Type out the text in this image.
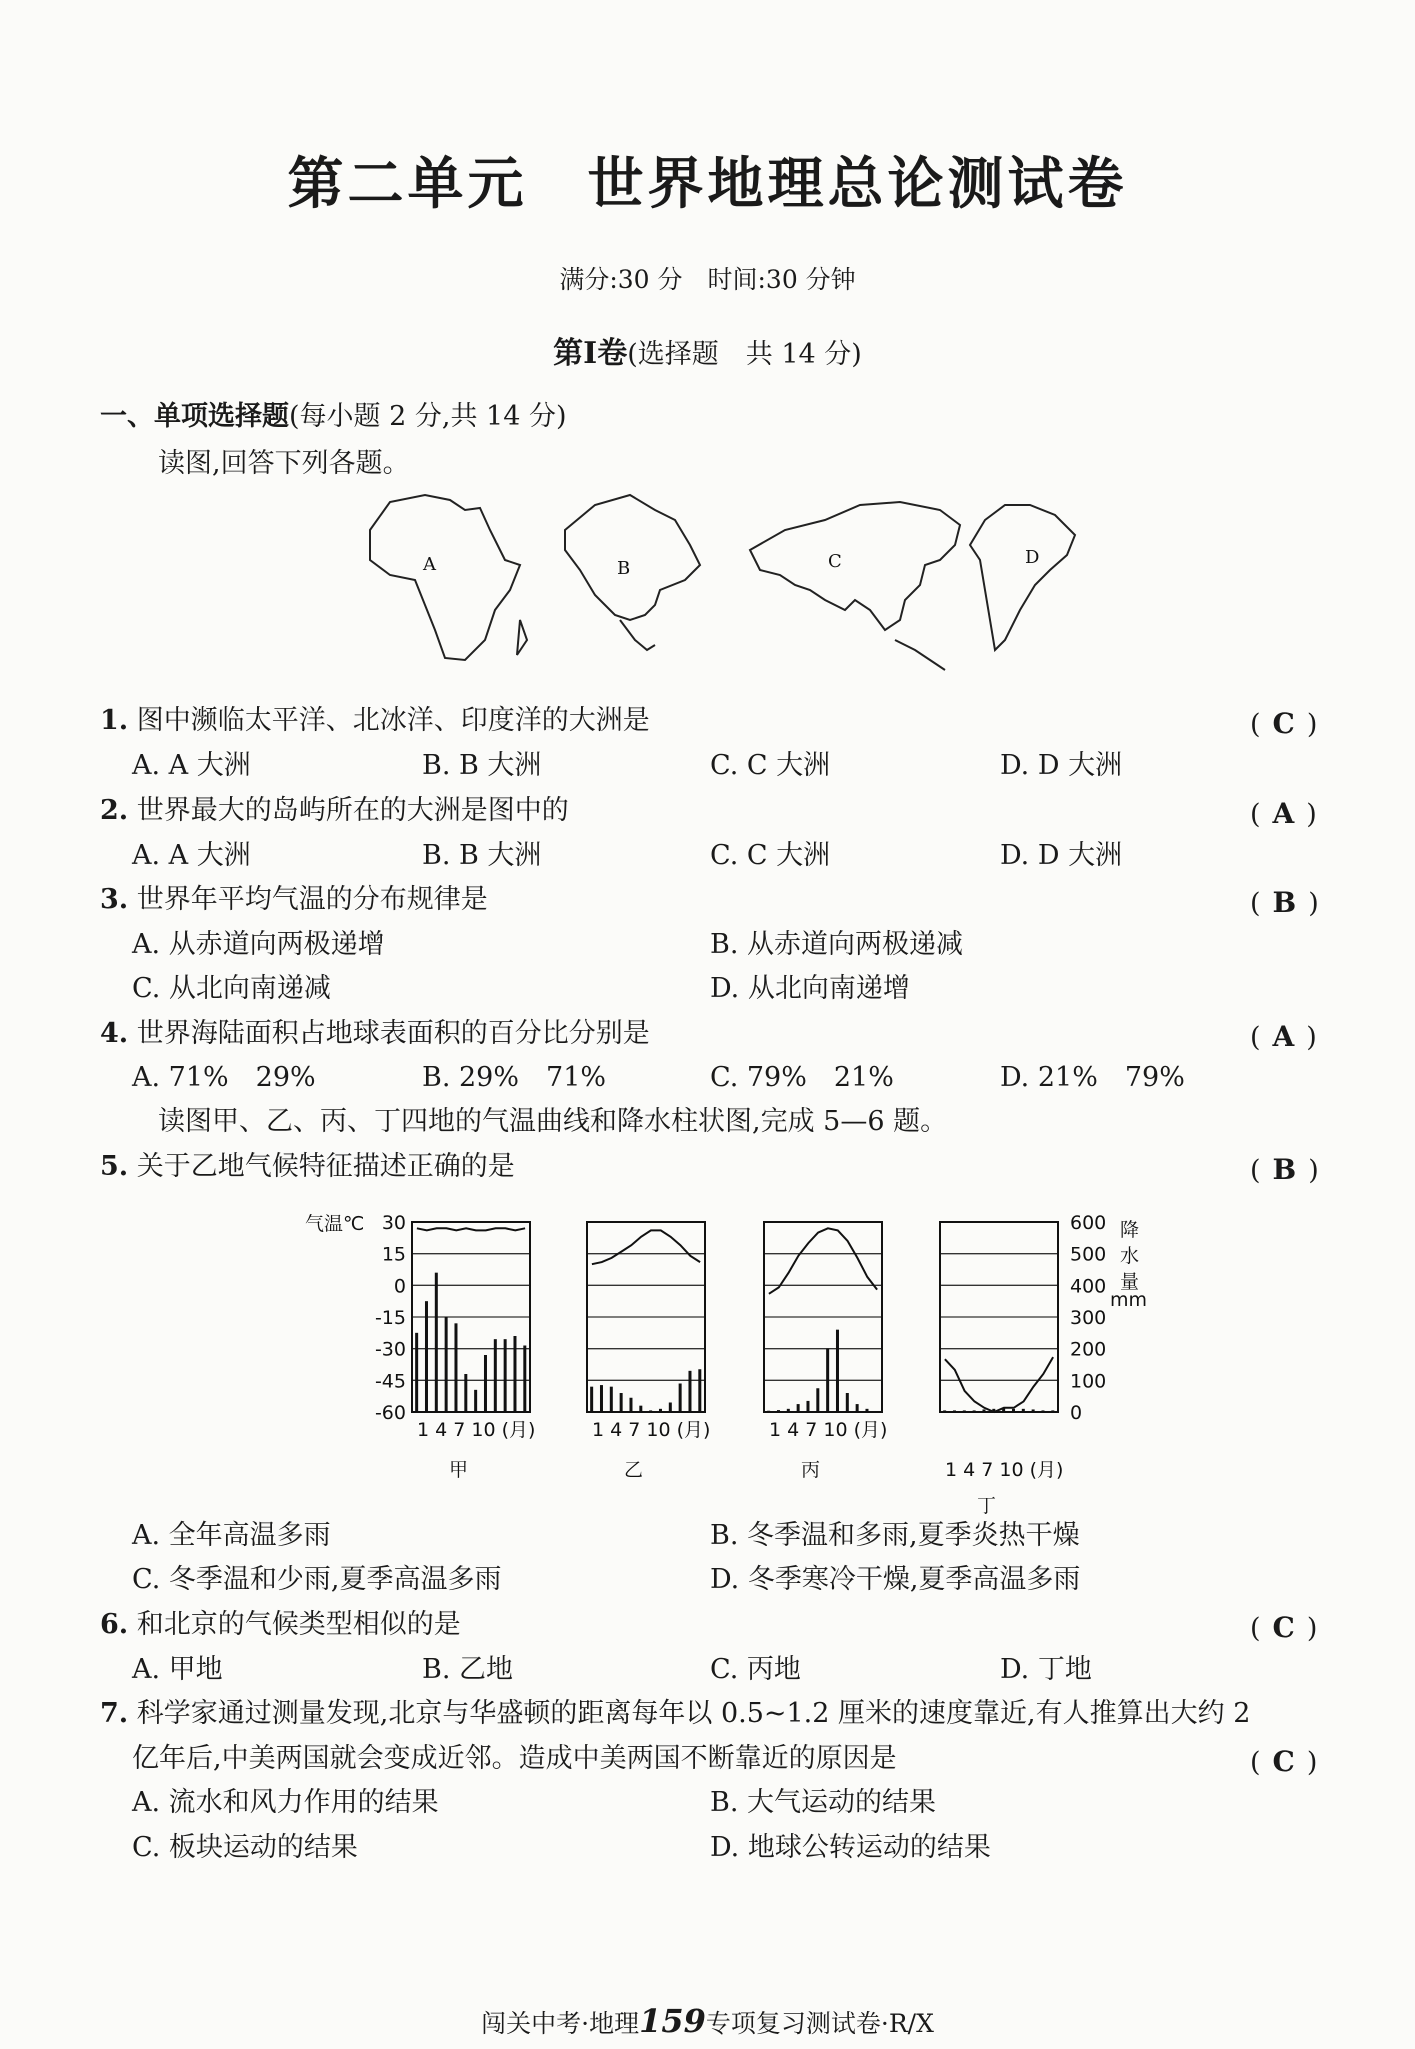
第二单元　世界地理总论测试卷
满分:30 分　时间:30 分钟
第Ⅰ卷(选择题　共 14 分)
一、单项选择题(每小题 2 分,共 14 分)
读图,回答下列各题。
A	B	C	D
1. 图中濒临太平洋、北冰洋、印度洋的大洲是	( C )
A. A 大洲	B. B 大洲	C. C 大洲	D. D 大洲
2. 世界最大的岛屿所在的大洲是图中的	( A )
A. A 大洲	B. B 大洲	C. C 大洲	D. D 大洲
3. 世界年平均气温的分布规律是	( B )
A. 从赤道向两极递增	B. 从赤道向两极递减
C. 从北向南递减	D. 从北向南递增
4. 世界海陆面积占地球表面积的百分比分别是	( A )
A. 71%　29%	B. 29%　71%	C. 79%　21%	D. 21%　79%
读图甲、乙、丙、丁四地的气温曲线和降水柱状图,完成 5—6 题。
5. 关于乙地气候特征描述正确的是	( B )
气温℃ 30
15
0
-15
-30
-45
-60
600
500
400
300
200
100
0
降
水
量
mm
1 4 7 10 (月)
甲
1 4 7 10 (月)
乙
1 4 7 10 (月)
丙	1 4 7 10 (月)
丁
A. 全年高温多雨	B. 冬季温和多雨,夏季炎热干燥
C. 冬季温和少雨,夏季高温多雨	D. 冬季寒冷干燥,夏季高温多雨
6. 和北京的气候类型相似的是	( C )
A. 甲地	B. 乙地	C. 丙地	D. 丁地
7. 科学家通过测量发现,北京与华盛顿的距离每年以 0.5~1.2 厘米的速度靠近,有人推算出大约 2
亿年后,中美两国就会变成近邻。造成中美两国不断靠近的原因是	( C )
A. 流水和风力作用的结果	B. 大气运动的结果
C. 板块运动的结果	D. 地球公转运动的结果
闯关中考·地理159专项复习测试卷·R/X
